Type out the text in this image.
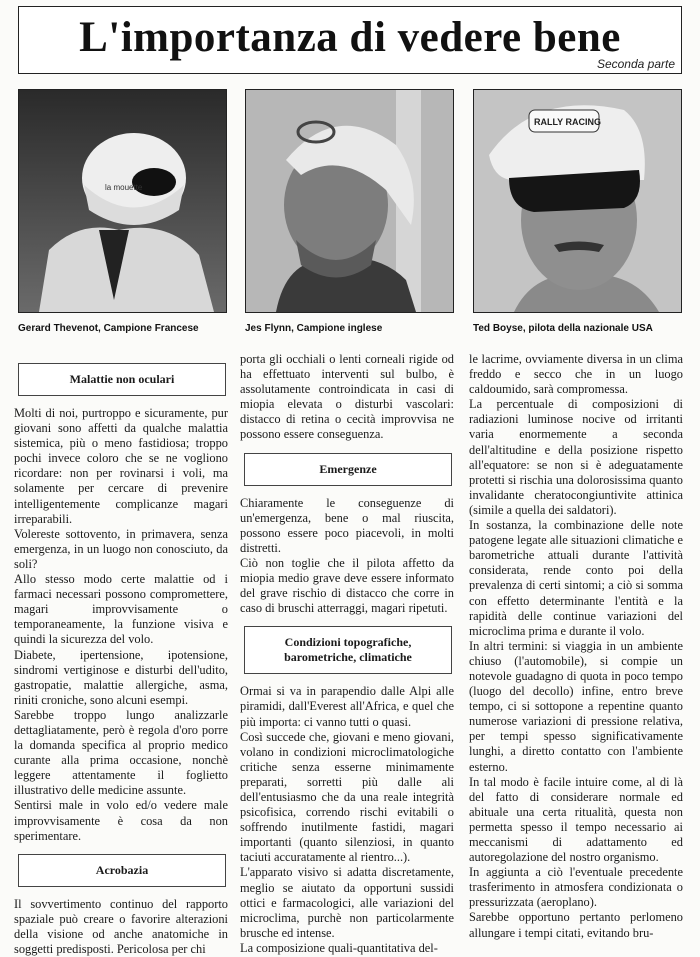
L'importanza di vedere bene
Seconda parte
la mouette
Gerard Thevenot, Campione Francese	Jes Flynn, Campione inglese
RALLY RACING
Ted Boyse, pilota della nazionale USA
Malattie non oculari

Molti di noi, purtroppo e sicuramente, pur giovani sono affetti da qualche malattia sistemica, più o meno fastidiosa; troppo pochi invece coloro che se ne vogliono ricordare: non per rovinarsi i voli, ma solamente per cercare di prevenire intelligentemente complicanze magari irreparabili.

Volereste sottovento, in primavera, senza emergenza, in un luogo non conosciuto, da soli?

Allo stesso modo certe malattie od i farmaci necessari possono compromettere, magari improvvisamente o temporaneamente, la funzione visiva e quindi la sicurezza del volo.

Diabete, ipertensione, ipotensione, sindromi vertiginose e disturbi dell'udito, gastropatie, malattie allergiche, asma, riniti croniche, sono alcuni esempi.

Sarebbe troppo lungo analizzarle dettagliatamente, però è regola d'oro porre la domanda specifica al proprio medico curante alla prima occasione, nonchè leggere attentamente il foglietto illustrativo delle medicine assunte.

Sentirsi male in volo ed/o vedere male improvvisamente è cosa da non sperimentare.

Acrobazia

Il sovvertimento continuo del rapporto spaziale può creare o favorire alterazioni della visione od anche anatomiche in soggetti predisposti. Pericolosa per chi

porta gli occhiali o lenti corneali rigide od ha effettuato interventi sul bulbo, è assolutamente controindicata in casi di miopia elevata o disturbi vascolari: distacco di retina o cecità improvvisa ne possono essere conseguenza.

Emergenze

Chiaramente le conseguenze di un'emergenza, bene o mal riuscita, possono essere poco piacevoli, in molti distretti.

Ciò non toglie che il pilota affetto da miopia medio grave deve essere informato del grave rischio di distacco che corre in caso di bruschi atterraggi, magari ripetuti.

Condizioni topografiche, barometriche, climatiche

Ormai si va in parapendio dalle Alpi alle piramidi, dall'Everest all'Africa, e quel che più importa: ci vanno tutti o quasi.

Così succede che, giovani e meno giovani, volano in condizioni microclimatologiche critiche senza esserne minimamente preparati, sorretti più dalle ali dell'entusiasmo che da una reale integrità psicofisica, correndo rischi evitabili o soffrendo inutilmente fastidi, magari importanti (quanto silenziosi, in quanto taciuti accuratamente al rientro...).

L'apparato visivo si adatta discretamente, meglio se aiutato da opportuni sussidi ottici e farmacologici, alle variazioni del microclima, purchè non particolarmente brusche ed intense.

La composizione quali-quantitativa del-

le lacrime, ovviamente diversa in un clima freddo e secco che in un luogo caldoumido, sarà compromessa.

La percentuale di composizioni di radiazioni luminose nocive od irritanti varia enormemente a seconda dell'altitudine e della posizione rispetto all'equatore: se non si è adeguatamente protetti si rischia una dolorosissima quanto invalidante cheratocongiuntivite attinica (simile a quella dei saldatori).

In sostanza, la combinazione delle note patogene legate alle situazioni climatiche e barometriche attuali durante l'attività considerata, rende conto poi della prevalenza di certi sintomi; a ciò si somma con effetto determinante l'entità e la rapidità delle continue variazioni del microclima prima e durante il volo.

In altri termini: si viaggia in un ambiente chiuso (l'automobile), si compie un notevole guadagno di quota in poco tempo (luogo del decollo) infine, entro breve tempo, ci si sottopone a repentine quanto numerose variazioni di pressione relativa, per tempi spesso significativamente lunghi, a diretto contatto con l'ambiente esterno.

In tal modo è facile intuire come, al di là del fatto di considerare normale ed abituale una certa ritualità, questa non permetta spesso il tempo necessario ai meccanismi di adattamento ed autoregolazione del nostro organismo.

In aggiunta a ciò l'eventuale precedente trasferimento in atmosfera condizionata o pressurizzata (aeroplano).

Sarebbe opportuno pertanto perlomeno allungare i tempi citati, evitando bru-
